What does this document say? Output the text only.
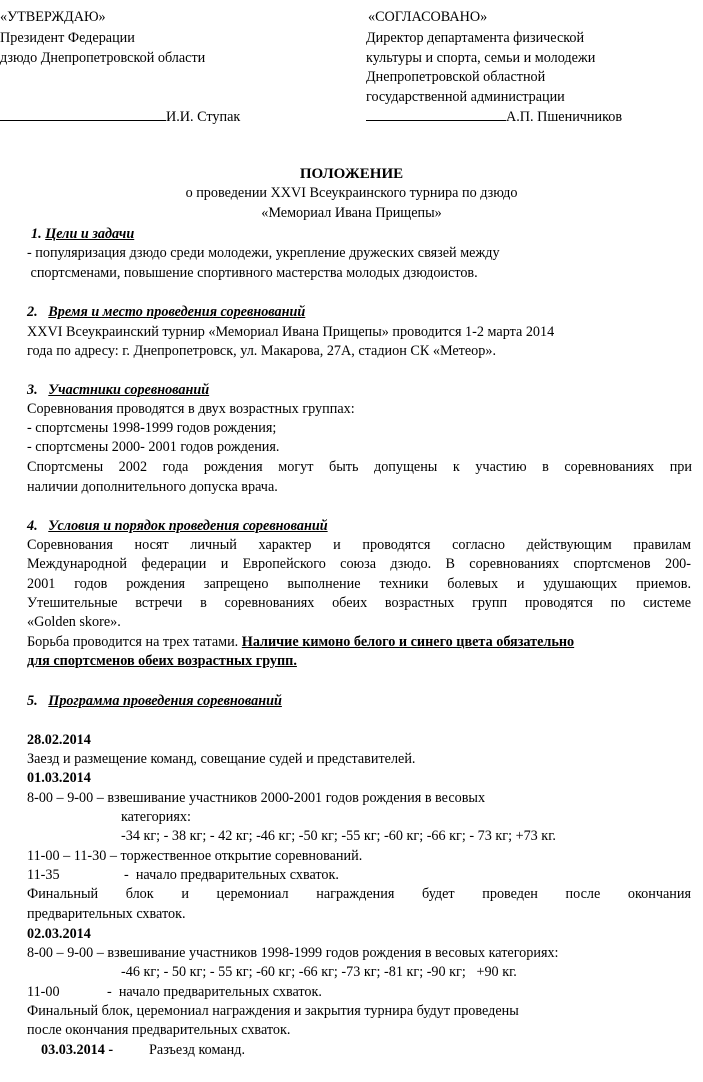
«УТВЕРЖДАЮ»
Президент Федерации
дзюдо Днепропетровской области
И.И. Ступак
«СОГЛАСОВАНО»
Директор департамента физической
культуры и спорта, семьи и молодежи
Днепропетровской областной
государственной администрации
А.П. Пшеничников
ПОЛОЖЕНИЕ
о проведении XXVI Всеукраинского турнира по дзюдо
«Мемориал Ивана Прищепы»
1. Цели и задачи
- популяризация дзюдо среди молодежи, укрепление дружеских связей между
спортсменами, повышение спортивного мастерства молодых дзюдоистов.
2. Время и место проведения соревнований
XXVI Всеукраинский турнир «Мемориал Ивана Прищепы» проводится 1-2 марта 2014
года по адресу: г. Днепропетровск, ул. Макарова, 27А, стадион СК «Метеор».
3. Участники соревнований
Соревнования проводятся в двух возрастных группах:
- спортсмены 1998-1999 годов рождения;
- спортсмены 2000- 2001 годов рождения.
Спортсмены 2002 года рождения могут быть допущены к участию в соревнованиях при
наличии дополнительного допуска врача.
4. Условия и порядок проведения соревнований
Соревнования носят личный характер и проводятся согласно действующим правилам
Международной федерации и Европейского союза дзюдо. В соревнованиях спортсменов 200-
2001 годов рождения запрещено выполнение техники болевых и удушающих приемов.
Утешительные встречи в соревнованиях обеих возрастных групп проводятся по системе
«Golden skore».
Борьба проводится на трех татами. Наличие кимоно белого и синего цвета обязательно
для спортсменов обеих возрастных групп.
5. Программа проведения соревнований
28.02.2014
Заезд и размещение команд, совещание судей и представителей.
01.03.2014
8-00 – 9-00 – взвешивание участников 2000-2001 годов рождения в весовых
категориях:
-34 кг; - 38 кг; - 42 кг; -46 кг; -50 кг; -55 кг; -60 кг; -66 кг; - 73 кг; +73 кг.
11-00 – 11-30 – торжественное открытие соревнований.
11-35	-  начало предварительных схваток.
Финальный блок и церемониал награждения будет проведен после окончания
предварительных схваток.
02.03.2014
8-00 – 9-00 – взвешивание участников 1998-1999 годов рождения в весовых категориях:
-46 кг; - 50 кг; - 55 кг; -60 кг; -66 кг; -73 кг; -81 кг; -90 кг;   +90 кг.
11-00	-  начало предварительных схваток.
Финальный блок, церемониал награждения и закрытия турнира будут проведены
после окончания предварительных схваток.
03.03.2014 -	Разъезд команд.
